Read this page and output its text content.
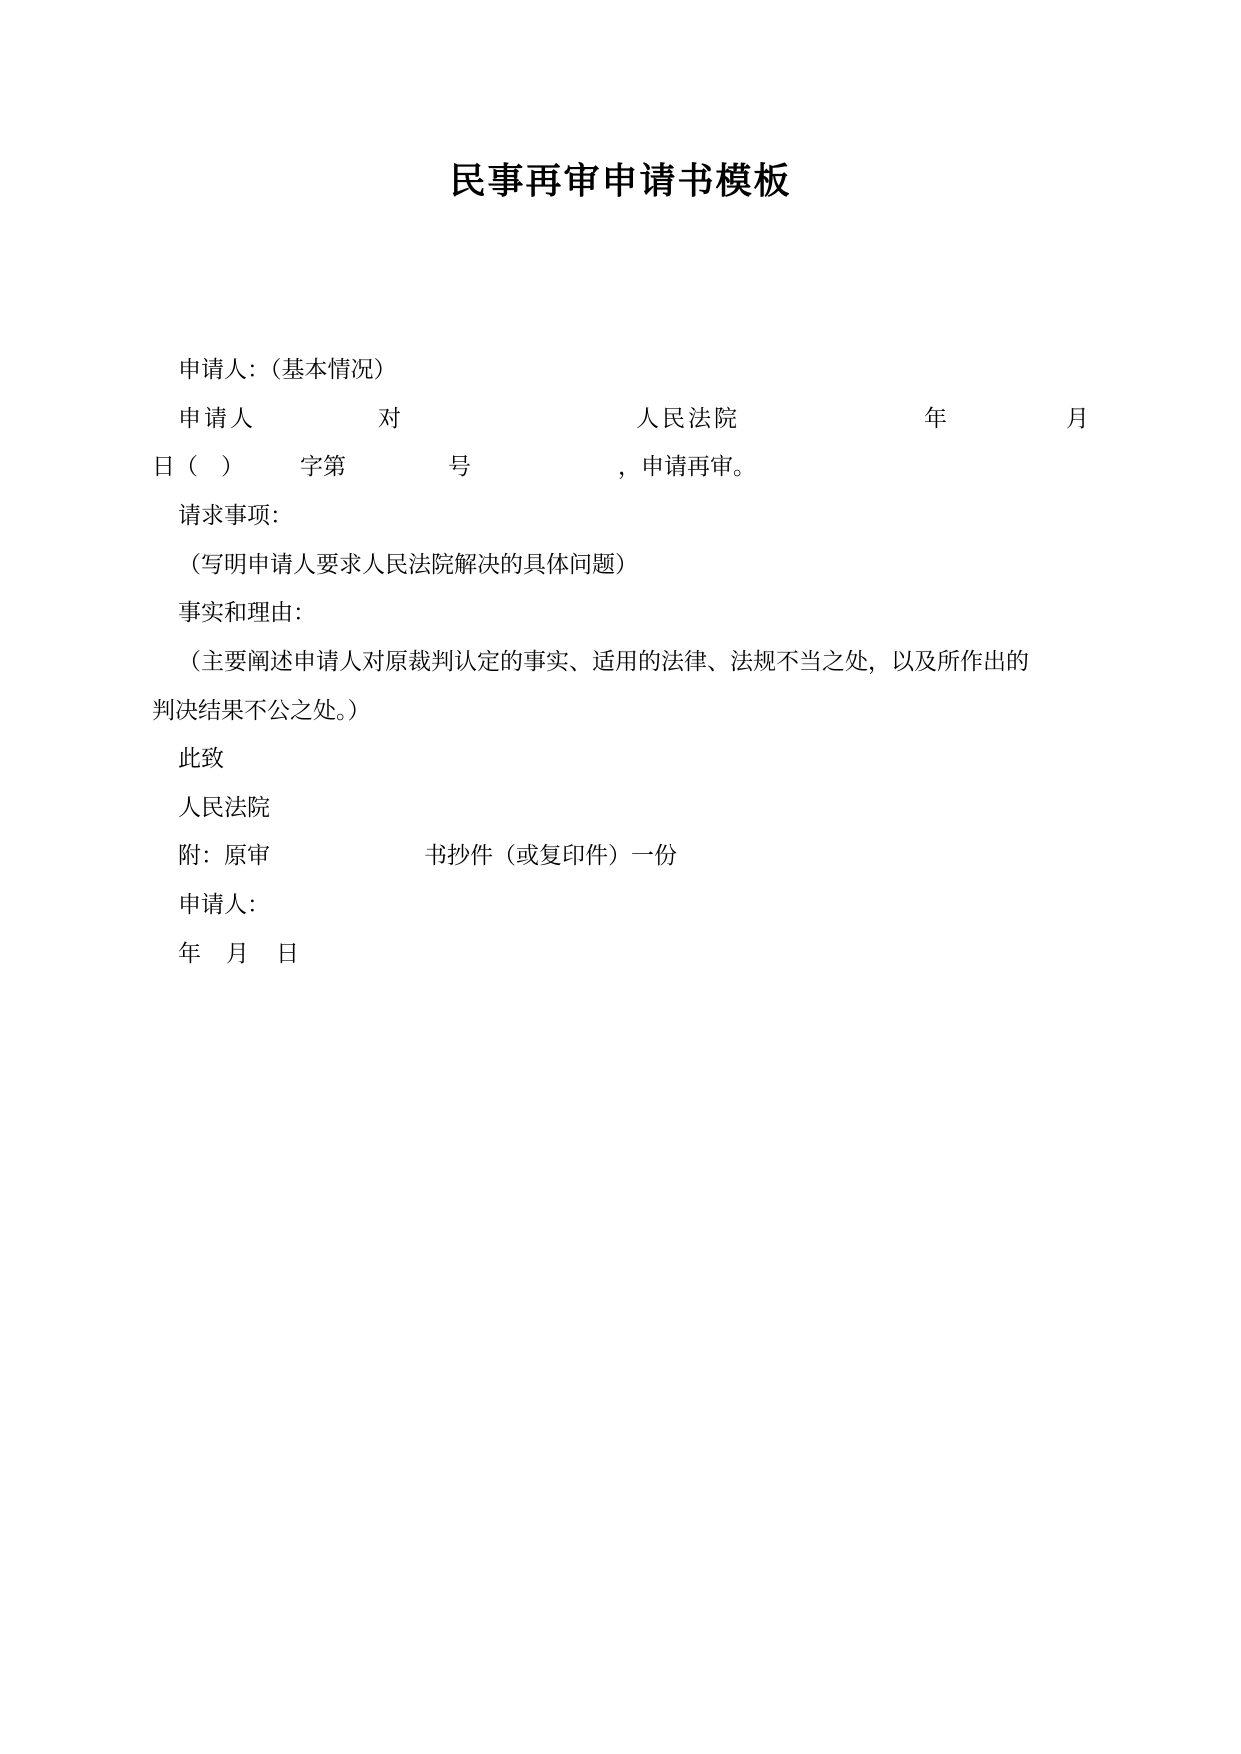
民事再审申请书模板
申请人：（基本情况）
申请人	对	人民法院	年	月
日（　） 字第	号	，申请再审。
请求事项：
（写明申请人要求人民法院解决的具体问题）
事实和理由：
（主要阐述申请人对原裁判认定的事实、适用的法律、法规不当之处，以及所作出的
判决结果不公之处。）
此致
人民法院
附：原审	书抄件（或复印件）一份
申请人：
年 月 日
